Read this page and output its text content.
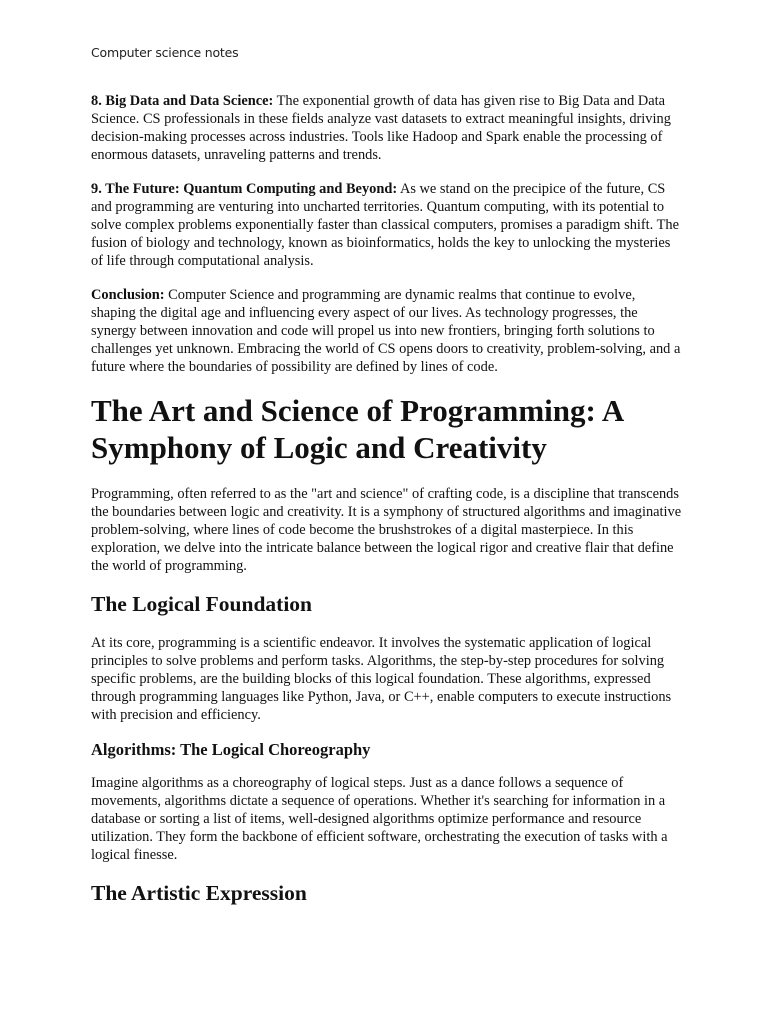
Computer science notes

8. Big Data and Data Science: The exponential growth of data has given rise to Big Data and Data Science. CS professionals in these fields analyze vast datasets to extract meaningful insights, driving decision-making processes across industries. Tools like Hadoop and Spark enable the processing of enormous datasets, unraveling patterns and trends.

9. The Future: Quantum Computing and Beyond: As we stand on the precipice of the future, CS and programming are venturing into uncharted territories. Quantum computing, with its potential to solve complex problems exponentially faster than classical computers, promises a paradigm shift. The fusion of biology and technology, known as bioinformatics, holds the key to unlocking the mysteries of life through computational analysis.

Conclusion: Computer Science and programming are dynamic realms that continue to evolve, shaping the digital age and influencing every aspect of our lives. As technology progresses, the synergy between innovation and code will propel us into new frontiers, bringing forth solutions to challenges yet unknown. Embracing the world of CS opens doors to creativity, problem-solving, and a future where the boundaries of possibility are defined by lines of code.

The Art and Science of Programming: A Symphony of Logic and Creativity

Programming, often referred to as the "art and science" of crafting code, is a discipline that transcends the boundaries between logic and creativity. It is a symphony of structured algorithms and imaginative problem-solving, where lines of code become the brushstrokes of a digital masterpiece. In this exploration, we delve into the intricate balance between the logical rigor and creative flair that define the world of programming.

The Logical Foundation

At its core, programming is a scientific endeavor. It involves the systematic application of logical principles to solve problems and perform tasks. Algorithms, the step-by-step procedures for solving specific problems, are the building blocks of this logical foundation. These algorithms, expressed through programming languages like Python, Java, or C++, enable computers to execute instructions with precision and efficiency.

Algorithms: The Logical Choreography

Imagine algorithms as a choreography of logical steps. Just as a dance follows a sequence of movements, algorithms dictate a sequence of operations. Whether it's searching for information in a database or sorting a list of items, well-designed algorithms optimize performance and resource utilization. They form the backbone of efficient software, orchestrating the execution of tasks with a logical finesse.

The Artistic Expression
